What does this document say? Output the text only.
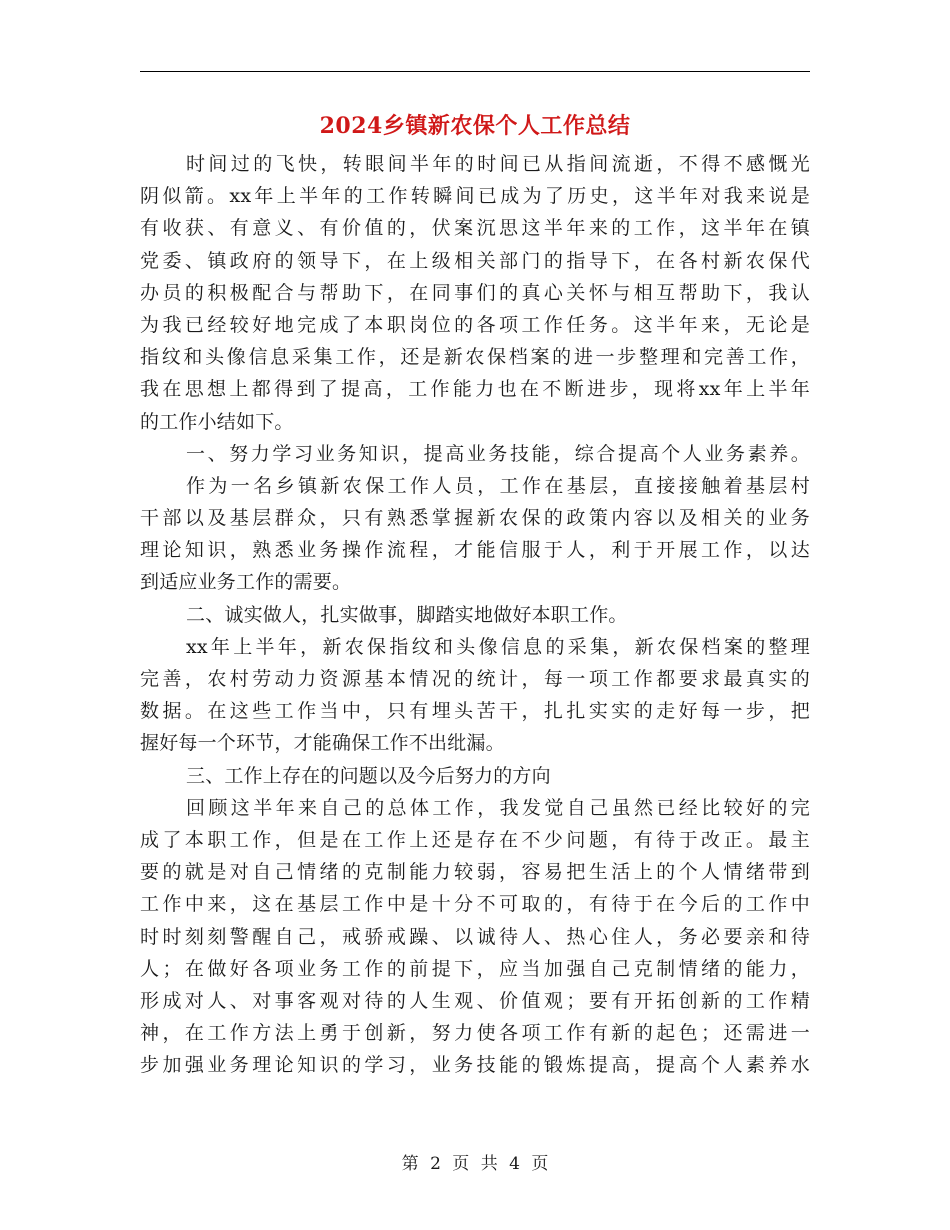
2024乡镇新农保个人工作总结
时间过的飞快，转眼间半年的时间已从指间流逝，不得不感慨光
阴似箭。xx年上半年的工作转瞬间已成为了历史，这半年对我来说是
有收获、有意义、有价值的，伏案沉思这半年来的工作，这半年在镇
党委、镇政府的领导下，在上级相关部门的指导下，在各村新农保代
办员的积极配合与帮助下，在同事们的真心关怀与相互帮助下，我认
为我已经较好地完成了本职岗位的各项工作任务。这半年来，无论是
指纹和头像信息采集工作，还是新农保档案的进一步整理和完善工作，
我在思想上都得到了提高，工作能力也在不断进步，现将xx年上半年
的工作小结如下。
一、努力学习业务知识，提高业务技能，综合提高个人业务素养。
作为一名乡镇新农保工作人员，工作在基层，直接接触着基层村
干部以及基层群众，只有熟悉掌握新农保的政策内容以及相关的业务
理论知识，熟悉业务操作流程，才能信服于人，利于开展工作，以达
到适应业务工作的需要。
二、诚实做人，扎实做事，脚踏实地做好本职工作。
xx年上半年，新农保指纹和头像信息的采集，新农保档案的整理
完善，农村劳动力资源基本情况的统计，每一项工作都要求最真实的
数据。在这些工作当中，只有埋头苦干，扎扎实实的走好每一步，把
握好每一个环节，才能确保工作不出纰漏。
三、工作上存在的问题以及今后努力的方向
回顾这半年来自己的总体工作，我发觉自己虽然已经比较好的完
成了本职工作，但是在工作上还是存在不少问题，有待于改正。最主
要的就是对自己情绪的克制能力较弱，容易把生活上的个人情绪带到
工作中来，这在基层工作中是十分不可取的，有待于在今后的工作中
时时刻刻警醒自己，戒骄戒躁、以诚待人、热心住人，务必要亲和待
人；在做好各项业务工作的前提下，应当加强自己克制情绪的能力，
形成对人、对事客观对待的人生观、价值观；要有开拓创新的工作精
神，在工作方法上勇于创新，努力使各项工作有新的起色；还需进一
步加强业务理论知识的学习，业务技能的锻炼提高，提高个人素养水
第 2 页 共 4 页
